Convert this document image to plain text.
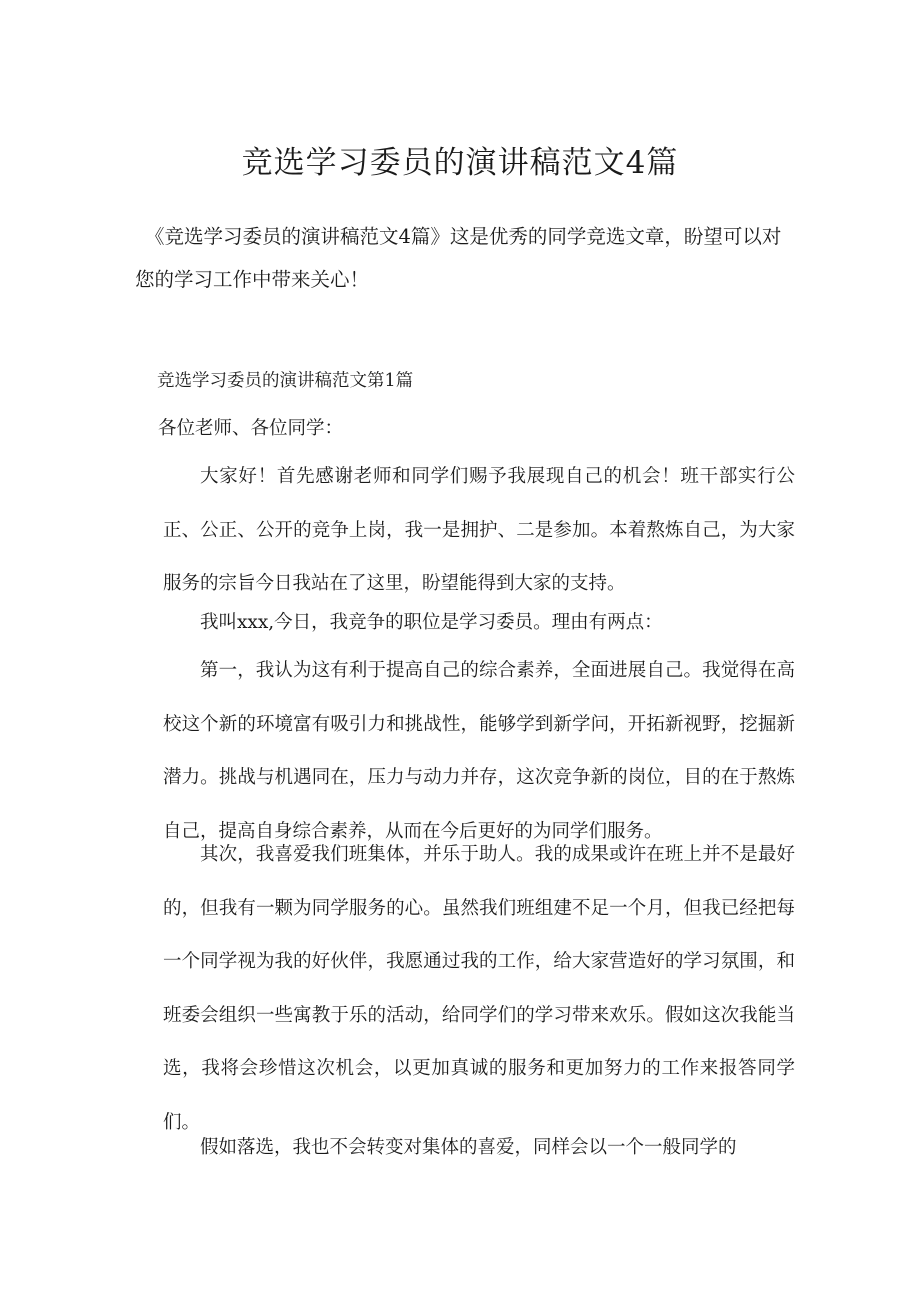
竞选学习委员的演讲稿范文4篇

《竞选学习委员的演讲稿范文4篇》这是优秀的同学竞选文章，盼望可以对您的学习工作中带来关心！

竞选学习委员的演讲稿范文第1篇

各位老师、各位同学：

大家好！首先感谢老师和同学们赐予我展现自己的机会！班干部实行公正、公正、公开的竞争上岗，我一是拥护、二是参加。本着熬炼自己，为大家服务的宗旨今日我站在了这里，盼望能得到大家的支持。

我叫xxx,今日，我竞争的职位是学习委员。理由有两点：

第一，我认为这有利于提高自己的综合素养，全面进展自己。我觉得在高校这个新的环境富有吸引力和挑战性，能够学到新学问，开拓新视野，挖掘新潜力。挑战与机遇同在，压力与动力并存，这次竞争新的岗位，目的在于熬炼自己，提高自身综合素养，从而在今后更好的为同学们服务。

其次，我喜爱我们班集体，并乐于助人。我的成果或许在班上并不是最好的，但我有一颗为同学服务的心。虽然我们班组建不足一个月，但我已经把每一个同学视为我的好伙伴，我愿通过我的工作，给大家营造好的学习氛围，和班委会组织一些寓教于乐的活动，给同学们的学习带来欢乐。假如这次我能当选，我将会珍惜这次机会，以更加真诚的服务和更加努力的工作来报答同学们。

假如落选，我也不会转变对集体的喜爱，同样会以一个一般同学的
